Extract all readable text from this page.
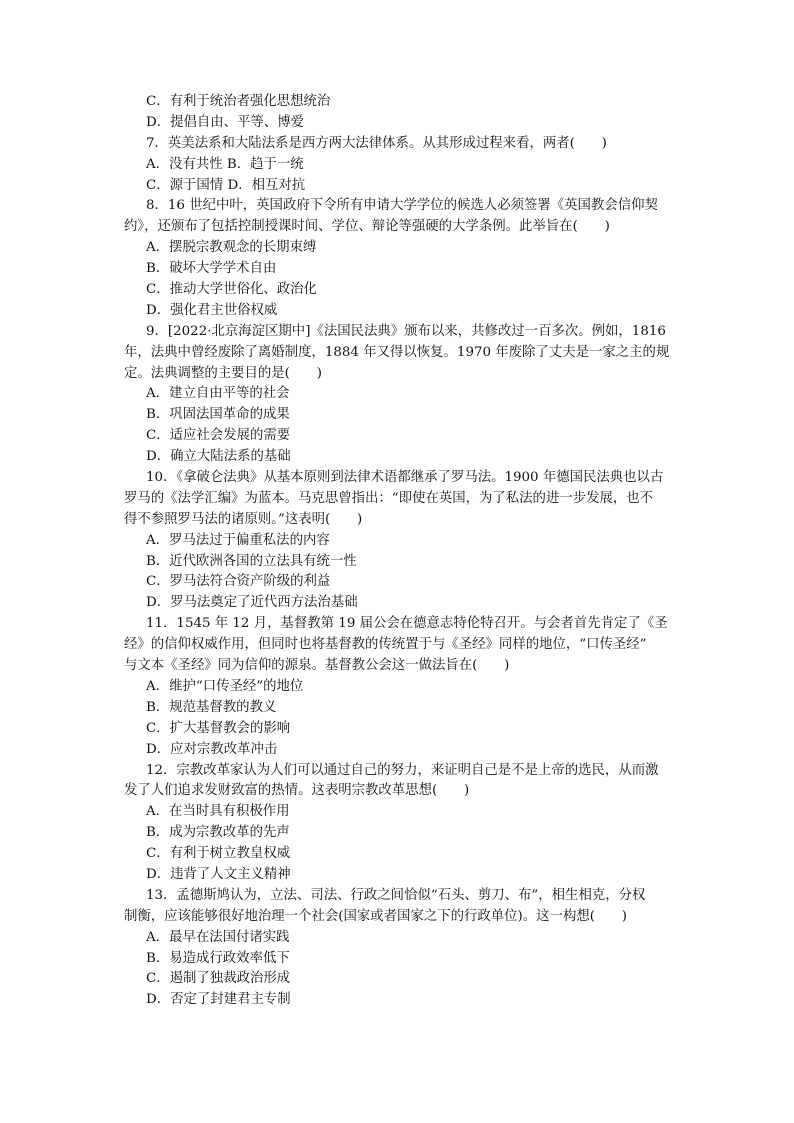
C．有利于统治者强化思想统治
D．提倡自由、平等、博爱
7．英美法系和大陆法系是西方两大法律体系。从其形成过程来看，两者(　　)
A．没有共性 B．趋于一统
C．源于国情 D．相互对抗
8．16 世纪中叶，英国政府下令所有申请大学学位的候选人必须签署《英国教会信仰契
约》，还颁布了包括控制授课时间、学位、辩论等强硬的大学条例。此举旨在(　　)
A．摆脱宗教观念的长期束缚
B．破坏大学学术自由
C．推动大学世俗化、政治化
D．强化君主世俗权威
9．[2022·北京海淀区期中]《法国民法典》颁布以来，共修改过一百多次。例如，1816
年，法典中曾经废除了离婚制度，1884 年又得以恢复。1970 年废除了丈夫是一家之主的规
定。法典调整的主要目的是(　　)
A．建立自由平等的社会
B．巩固法国革命的成果
C．适应社会发展的需要
D．确立大陆法系的基础
10．《拿破仑法典》从基本原则到法律术语都继承了罗马法。1900 年德国民法典也以古
罗马的《法学汇编》为蓝本。马克思曾指出：“即使在英国，为了私法的进一步发展，也不
得不参照罗马法的诸原则。”这表明(　　)
A．罗马法过于偏重私法的内容
B．近代欧洲各国的立法具有统一性
C．罗马法符合资产阶级的利益
D．罗马法奠定了近代西方法治基础
11．1545 年 12 月，基督教第 19 届公会在德意志特伦特召开。与会者首先肯定了《圣
经》的信仰权威作用，但同时也将基督教的传统置于与《圣经》同样的地位，“口传圣经”
与文本《圣经》同为信仰的源泉。基督教公会这一做法旨在(　　)
A．维护“口传圣经”的地位
B．规范基督教的教义
C．扩大基督教会的影响
D．应对宗教改革冲击
12．宗教改革家认为人们可以通过自己的努力，来证明自己是不是上帝的选民，从而激
发了人们追求发财致富的热情。这表明宗教改革思想(　　)
A．在当时具有积极作用
B．成为宗教改革的先声
C．有利于树立教皇权威
D．违背了人文主义精神
13．孟德斯鸠认为，立法、司法、行政之间恰似“石头、剪刀、布”，相生相克，分权
制衡，应该能够很好地治理一个社会(国家或者国家之下的行政单位)。这一构想(　　)
A．最早在法国付诸实践
B．易造成行政效率低下
C．遏制了独裁政治形成
D．否定了封建君主专制
